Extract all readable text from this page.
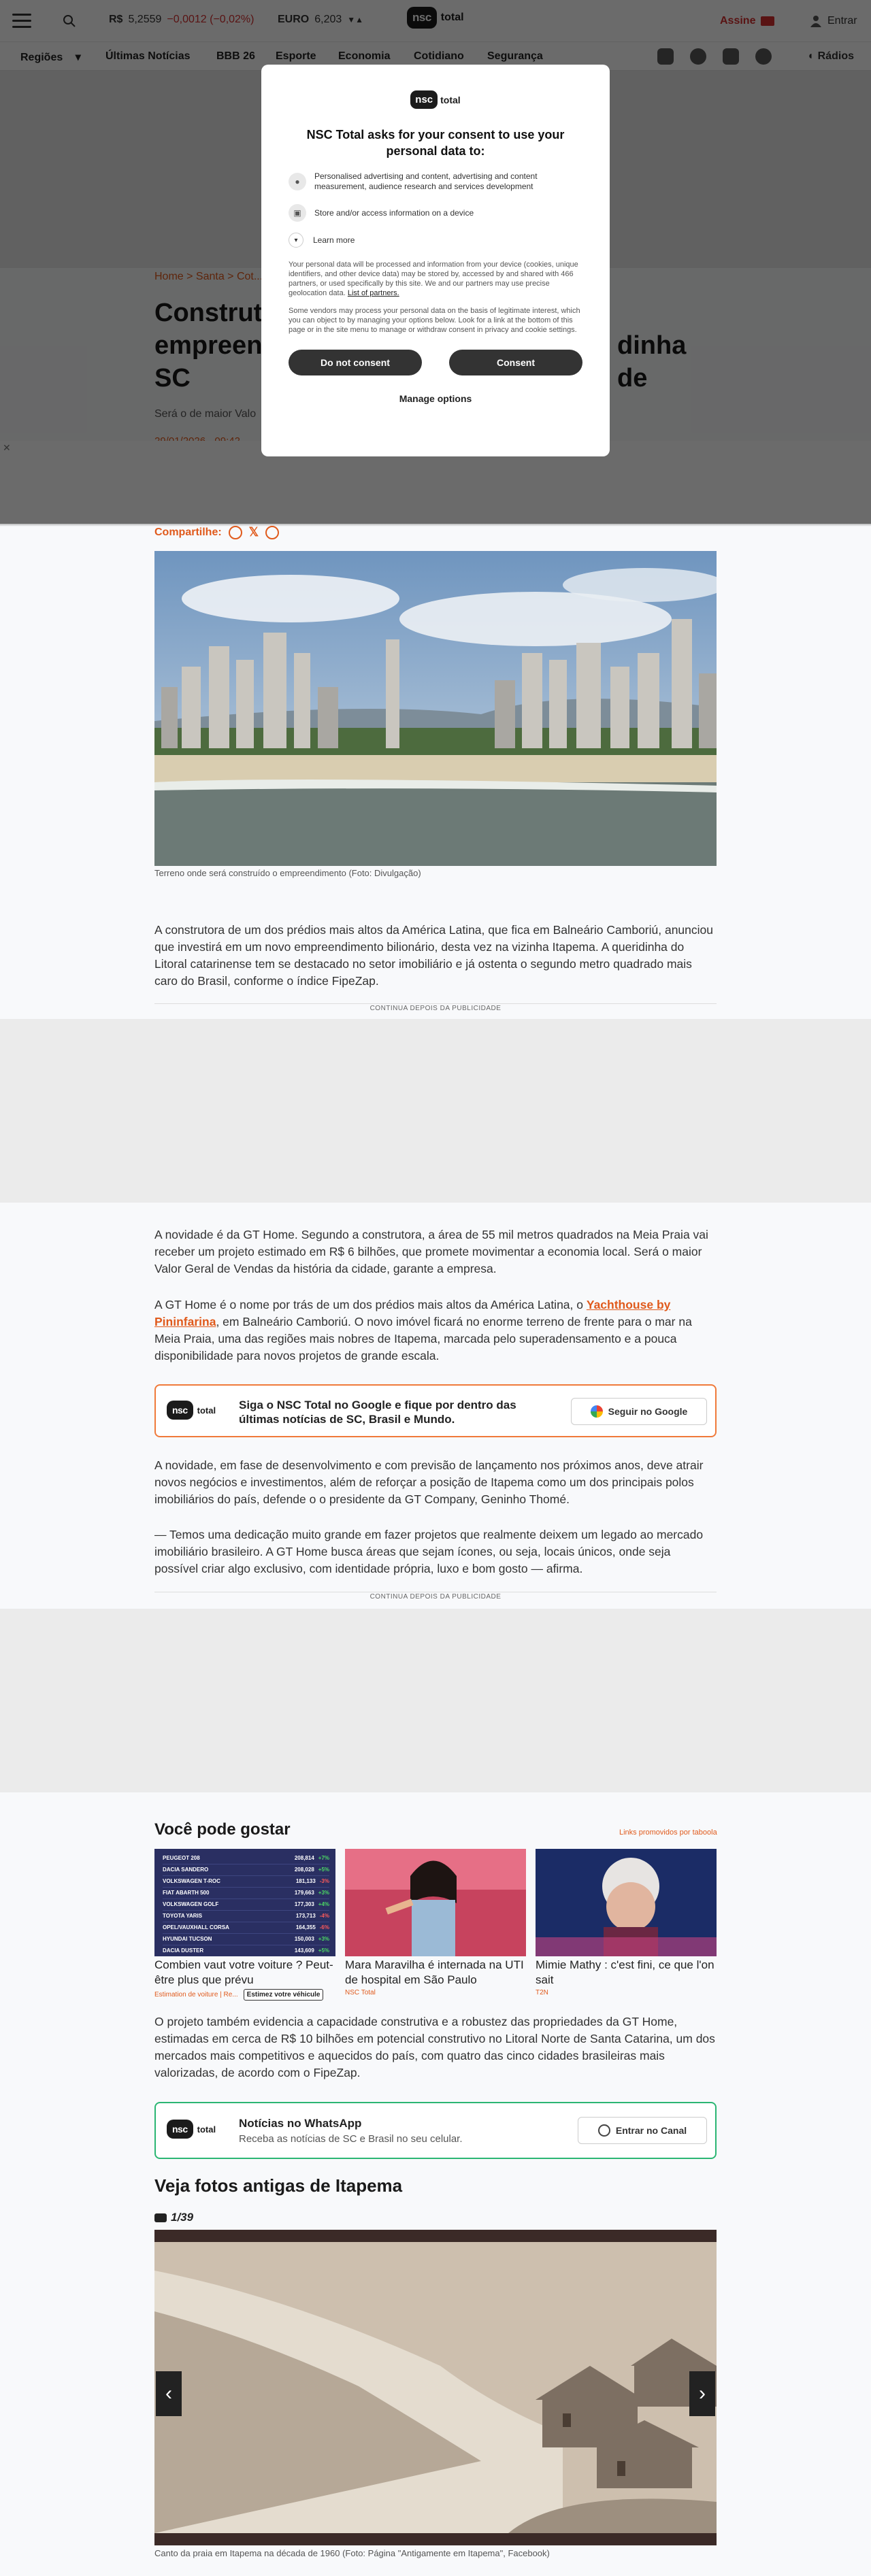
✕
nsc total
NSC Total asks for your consent to use your personal data to:
●
Personalised advertising and content, advertising and content measurement, audience research and services development
▣	Store and/or access information on a device
▾	Learn more
Your personal data will be processed and information from your device (cookies, unique identifiers, and other device data) may be stored by, accessed by and shared with 466 partners, or used specifically by this site. We and our partners may use precise geolocation data. List of partners.
Some vendors may process your personal data on the basis of legitimate interest, which you can object to by managing your options below. Look for a link at the bottom of this page or in the site menu to manage or withdraw consent in privacy and cookie settings.
Do not consent	Consent
Manage options
Compartilhe: 𝕏
Terreno onde será construído o empreendimento (Foto: Divulgação)
A construtora de um dos prédios mais altos da América Latina, que fica em Balneário Camboriú, anunciou que investirá em um novo empreendimento bilionário, desta vez na vizinha Itapema. A queridinha do Litoral catarinense tem se destacado no setor imobiliário e já ostenta o segundo metro quadrado mais caro do Brasil, conforme o índice FipeZap.
CONTINUA DEPOIS DA PUBLICIDADE
A novidade é da GT Home. Segundo a construtora, a área de 55 mil metros quadrados na Meia Praia vai receber um projeto estimado em R$ 6 bilhões, que promete movimentar a economia local. Será o maior Valor Geral de Vendas da história da cidade, garante a empresa.
A GT Home é o nome por trás de um dos prédios mais altos da América Latina, o Yachthouse by Pininfarina, em Balneário Camboriú. O novo imóvel ficará no enorme terreno de frente para o mar na Meia Praia, uma das regiões mais nobres de Itapema, marcada pelo superadensamento e a pouca disponibilidade para novos projetos de grande escala.
nsc	total Siga o NSC Total no Google e fique por dentro das últimas notícias de SC, Brasil e Mundo.
Seguir no Google
A novidade, em fase de desenvolvimento e com previsão de lançamento nos próximos anos, deve atrair novos negócios e investimentos, além de reforçar a posição de Itapema como um dos principais polos imobiliários do país, defende o o presidente da GT Company, Geninho Thomé.
— Temos uma dedicação muito grande em fazer projetos que realmente deixem um legado ao mercado imobiliário brasileiro. A GT Home busca áreas que sejam ícones, ou seja, locais únicos, onde seja possível criar algo exclusivo, com identidade própria, luxo e bom gosto — afirma.
CONTINUA DEPOIS DA PUBLICIDADE
Você pode gostar	Links promovidos por taboola
PEUGEOT 208	208,814 +7%
DACIA SANDERO	208,028 +5%
VOLKSWAGEN T-ROC	181,133 -3%
FIAT ABARTH 500	179,663 +3%
VOLKSWAGEN GOLF	177,303 +4%
TOYOTA YARIS	173,713 -4%
OPEL/VAUXHALL CORSA	164,355 -6%
HYUNDAI TUCSON	150,003 +3%
DACIA DUSTER	143,609 +5%
Combien vaut votre voiture ? Peut-être plus que prévu
Estimation de voiture | Re...	Estimez votre véhicule
Mara Maravilha é internada na UTI de hospital em São Paulo
NSC Total
Mimie Mathy : c'est fini, ce que l'on sait
T2N
O projeto também evidencia a capacidade construtiva e a robustez das propriedades da GT Home, estimadas em cerca de R$ 10 bilhões em potencial construtivo no Litoral Norte de Santa Catarina, um dos mercados mais competitivos e aquecidos do país, com quatro das cinco cidades brasileiras mais valorizadas, de acordo com o FipeZap.
nsc	total Notícias no WhatsApp
Receba as notícias de SC e Brasil no seu celular.
Entrar no Canal
Veja fotos antigas de Itapema
1/39
‹	›
Canto da praia em Itapema na década de 1960 (Foto: Página "Antigamente em Itapema", Facebook)
